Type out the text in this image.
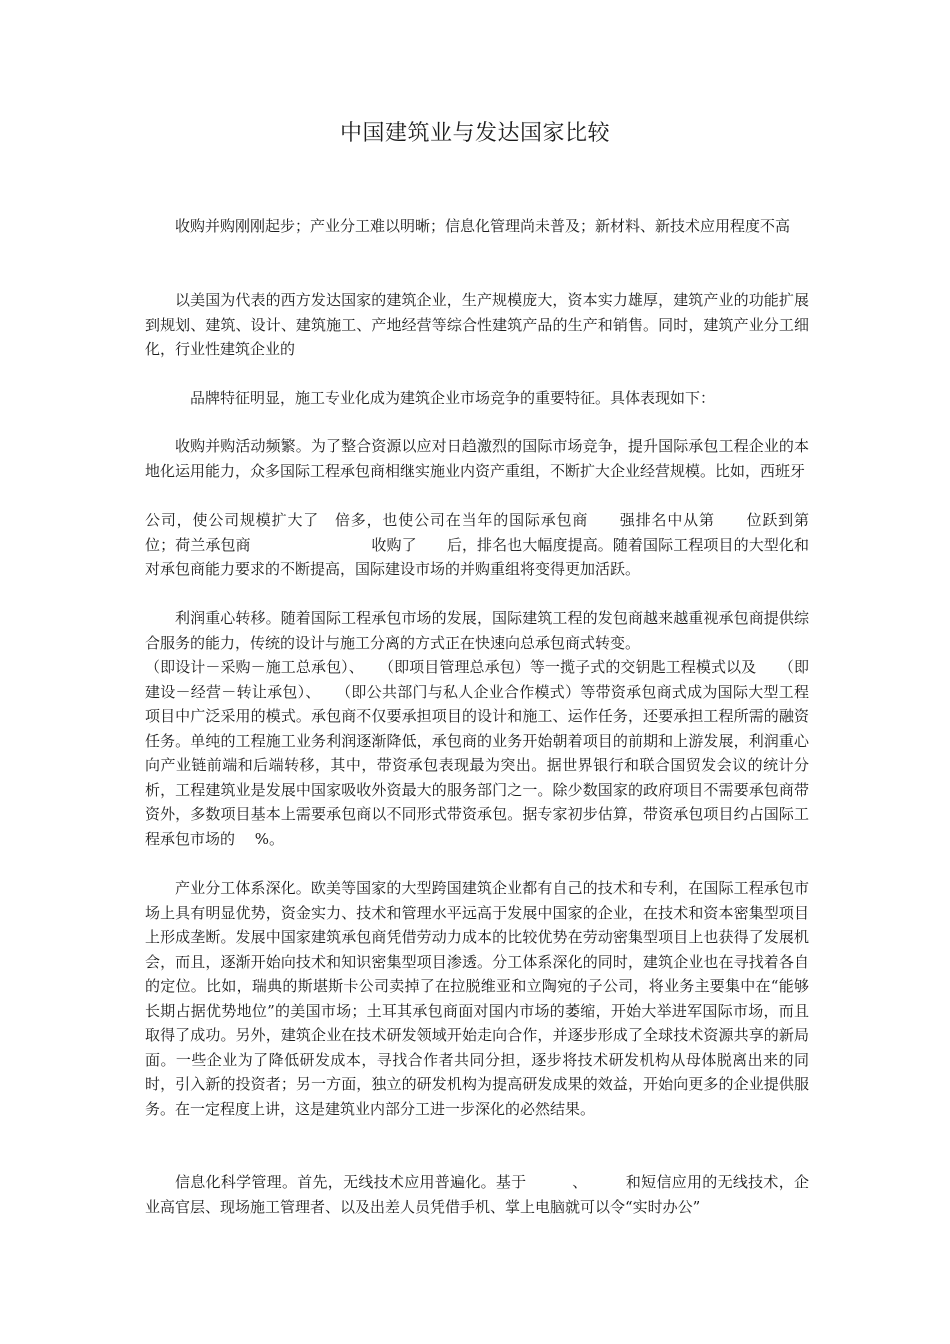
中国建筑业与发达国家比较

收购并购刚刚起步；产业分工难以明晰；信息化管理尚未普及；新材料、新技术应用程度不高

以美国为代表的西方发达国家的建筑企业，生产规模庞大，资本实力雄厚，建筑产业的功能扩展到规划、建筑、设计、建筑施工、产地经营等综合性建筑产品的生产和销售。同时，建筑产业分工细化，行业性建筑企业的

品牌特征明显，施工专业化成为建筑企业市场竞争的重要特征。具体表现如下：

收购并购活动频繁。为了整合资源以应对日趋激烈的国际市场竞争，提升国际承包工程企业的本地化运用能力，众多国际工程承包商相继实施业内资产重组，不断扩大企业经营规模。比如，西班牙

公司，使公司规模扩大了　倍多，也使公司在当年的国际承包商　　强排名中从第　　位跃到第　　位；荷兰承包商　　　　　　　　收购了　　后，排名也大幅度提高。随着国际工程项目的大型化和对承包商能力要求的不断提高，国际建设市场的并购重组将变得更加活跃。

利润重心转移。随着国际工程承包市场的发展，国际建筑工程的发包商越来越重视承包商提供综合服务的能力，传统的设计与施工分离的方式正在快速向总承包商式转变。

（即设计－采购－施工总承包）、　　（即项目管理总承包）等一揽子式的交钥匙工程模式以及　　（即建设－经营－转让承包）、　　（即公共部门与私人企业合作模式）等带资承包商式成为国际大型工程项目中广泛采用的模式。承包商不仅要承担项目的设计和施工、运作任务，还要承担工程所需的融资任务。单纯的工程施工业务利润逐渐降低，承包商的业务开始朝着项目的前期和上游发展，利润重心向产业链前端和后端转移，其中，带资承包表现最为突出。据世界银行和联合国贸发会议的统计分析，工程建筑业是发展中国家吸收外资最大的服务部门之一。除少数国家的政府项目不需要承包商带资外，多数项目基本上需要承包商以不同形式带资承包。据专家初步估算，带资承包项目约占国际工程承包市场的　 %。

产业分工体系深化。欧美等国家的大型跨国建筑企业都有自己的技术和专利，在国际工程承包市场上具有明显优势，资金实力、技术和管理水平远高于发展中国家的企业，在技术和资本密集型项目上形成垄断。发展中国家建筑承包商凭借劳动力成本的比较优势在劳动密集型项目上也获得了发展机会，而且，逐渐开始向技术和知识密集型项目渗透。分工体系深化的同时，建筑企业也在寻找着各自的定位。比如，瑞典的斯堪斯卡公司卖掉了在拉脱维亚和立陶宛的子公司，将业务主要集中在“能够长期占据优势地位”的美国市场；土耳其承包商面对国内市场的萎缩，开始大举进军国际市场，而且取得了成功。另外，建筑企业在技术研发领域开始走向合作，并逐步形成了全球技术资源共享的新局面。一些企业为了降低研发成本，寻找合作者共同分担，逐步将技术研发机构从母体脱离出来的同时，引入新的投资者；另一方面，独立的研发机构为提高研发成果的效益，开始向更多的企业提供服务。在一定程度上讲，这是建筑业内部分工进一步深化的必然结果。

信息化科学管理。首先，无线技术应用普遍化。基于　　　、　　　和短信应用的无线技术，企业高官层、现场施工管理者、以及出差人员凭借手机、掌上电脑就可以令“实时办公”
